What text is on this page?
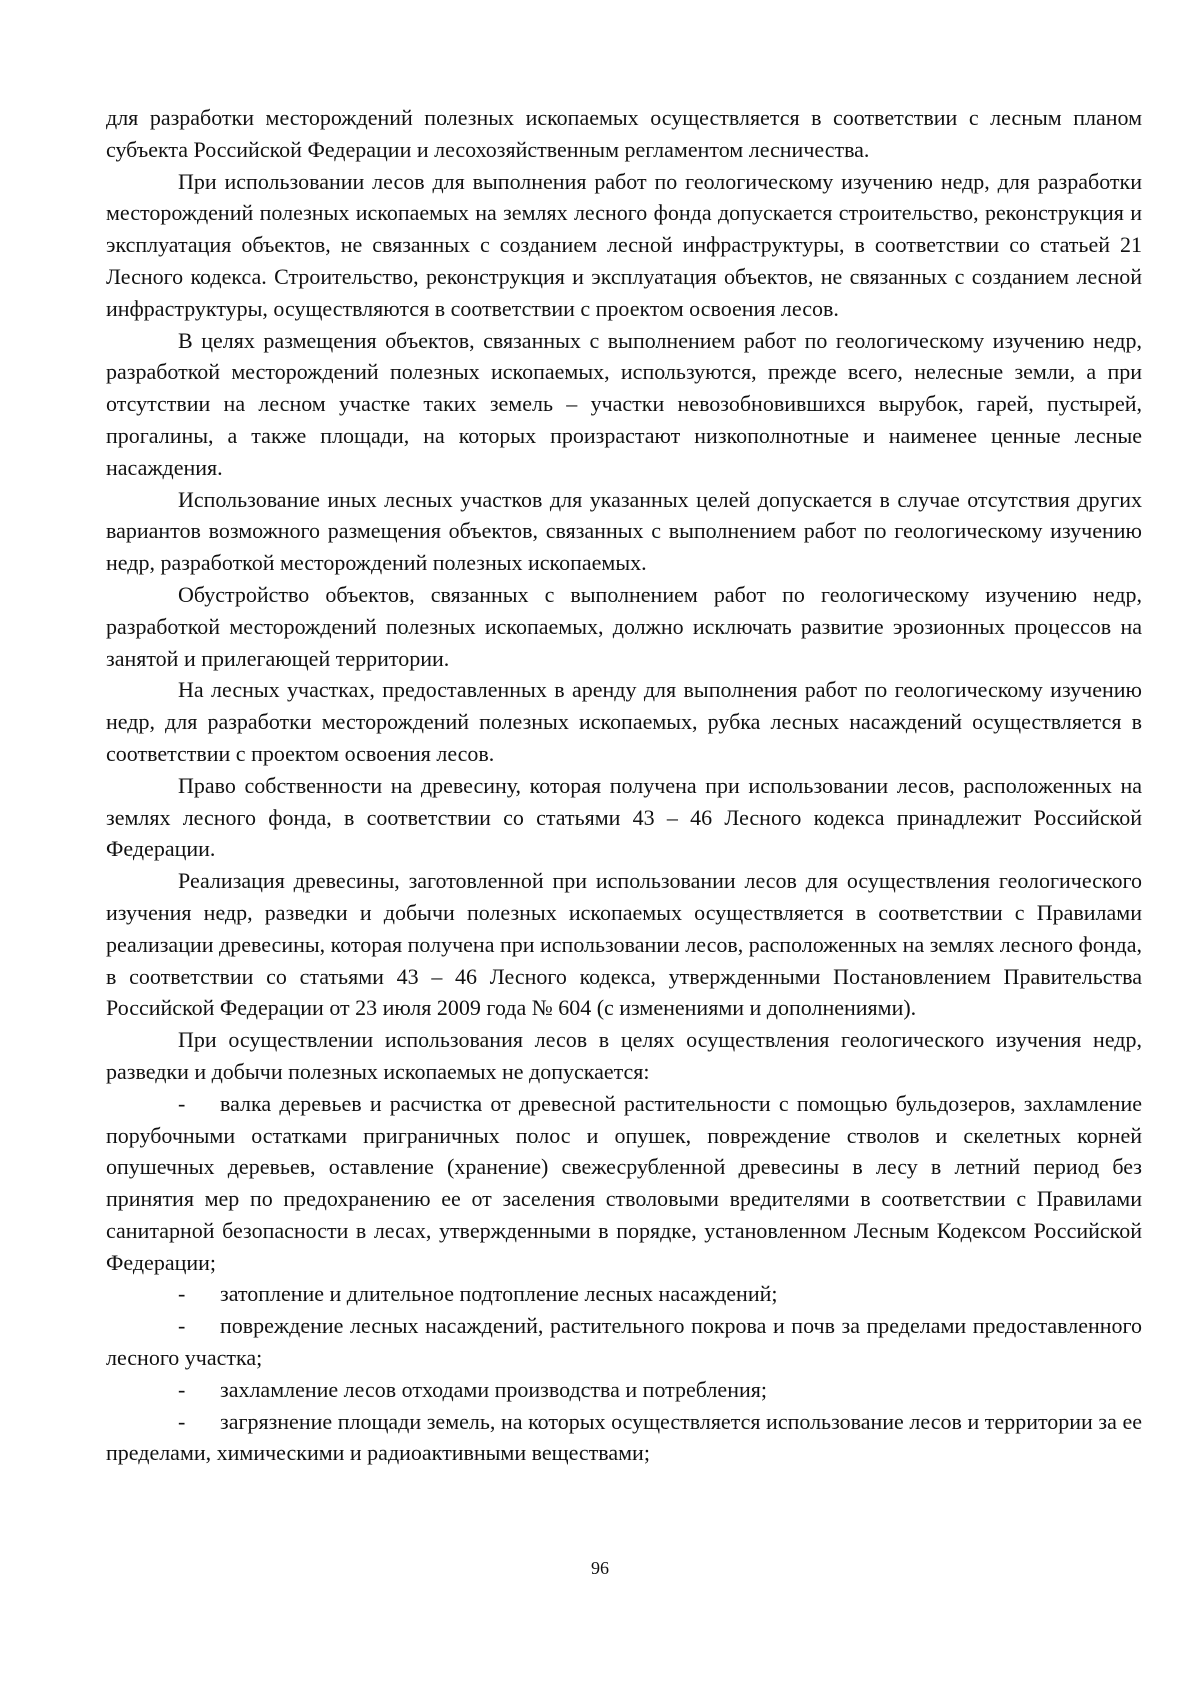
для разработки месторождений полезных ископаемых осуществляется в соответствии с лесным планом субъекта Российской Федерации и лесохозяйственным регламентом лесничества.

При использовании лесов для выполнения работ по геологическому изучению недр, для разработки месторождений полезных ископаемых на землях лесного фонда допускается строительство, реконструкция и эксплуатация объектов, не связанных с созданием лесной инфраструктуры, в соответствии со статьей 21 Лесного кодекса. Строительство, реконструкция и эксплуатация объектов, не связанных с созданием лесной инфраструктуры, осуществляются в соответствии с проектом освоения лесов.

В целях размещения объектов, связанных с выполнением работ по геологическому изучению недр, разработкой месторождений полезных ископаемых, используются, прежде всего, нелесные земли, а при отсутствии на лесном участке таких земель – участки невозобновившихся вырубок, гарей, пустырей, прогалины, а также площади, на которых произрастают низкополнотные и наименее ценные лесные насаждения.

Использование иных лесных участков для указанных целей допускается в случае отсутствия других вариантов возможного размещения объектов, связанных с выполнением работ по геологическому изучению недр, разработкой месторождений полезных ископаемых.

Обустройство объектов, связанных с выполнением работ по геологическому изучению недр, разработкой месторождений полезных ископаемых, должно исключать развитие эрозионных процессов на занятой и прилегающей территории.

На лесных участках, предоставленных в аренду для выполнения работ по геологическому изучению недр, для разработки месторождений полезных ископаемых, рубка лесных насаждений осуществляется в соответствии с проектом освоения лесов.

Право собственности на древесину, которая получена при использовании лесов, расположенных на землях лесного фонда, в соответствии со статьями 43 – 46 Лесного кодекса принадлежит Российской Федерации.

Реализация древесины, заготовленной при использовании лесов для осуществления геологического изучения недр, разведки и добычи полезных ископаемых осуществляется в соответствии с Правилами реализации древесины, которая получена при использовании лесов, расположенных на землях лесного фонда, в соответствии со статьями 43 – 46 Лесного кодекса, утвержденными Постановлением Правительства Российской Федерации от 23 июля 2009 года № 604 (с изменениями и дополнениями).

При осуществлении использования лесов в целях осуществления геологического изучения недр, разведки и добычи полезных ископаемых не допускается:

- валка деревьев и расчистка от древесной растительности с помощью бульдозеров, захламление порубочными остатками приграничных полос и опушек, повреждение стволов и скелетных корней опушечных деревьев, оставление (хранение) свежесрубленной древесины в лесу в летний период без принятия мер по предохранению ее от заселения стволовыми вредителями в соответствии с Правилами санитарной безопасности в лесах, утвержденными в порядке, установленном Лесным Кодексом Российской Федерации;

- затопление и длительное подтопление лесных насаждений;

- повреждение лесных насаждений, растительного покрова и почв за пределами предоставленного лесного участка;

- захламление лесов отходами производства и потребления;

- загрязнение площади земель, на которых осуществляется использование лесов и территории за ее пределами, химическими и радиоактивными веществами;

96
